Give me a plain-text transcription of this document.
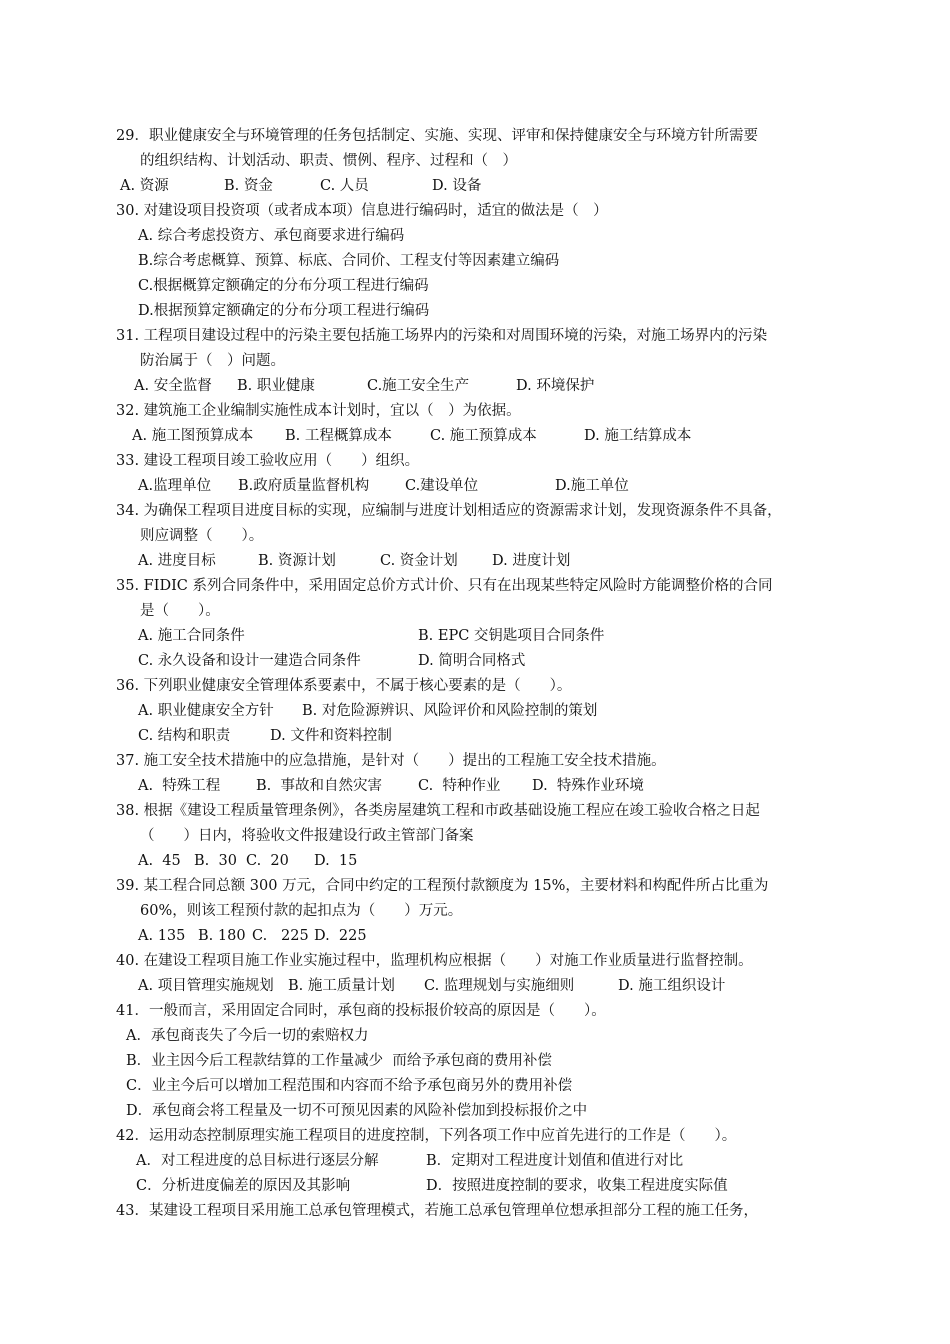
29．职业健康安全与环境管理的任务包括制定、实施、实现、评审和保持健康安全与环境方针所需要
的组织结构、计划活动、职责、惯例、程序、过程和（　）
A. 资源	B. 资金	C. 人员	D. 设备
30. 对建设项目投资项（或者成本项）信息进行编码时，适宜的做法是（　）
A. 综合考虑投资方、承包商要求进行编码
B.综合考虑概算、预算、标底、合同价、工程支付等因素建立编码
C.根据概算定额确定的分布分项工程进行编码
D.根据预算定额确定的分布分项工程进行编码
31. 工程项目建设过程中的污染主要包括施工场界内的污染和对周围环境的污染，对施工场界内的污染
防治属于（　）问题。
A. 安全监督 B. 职业健康	C.施工安全生产	D. 环境保护
32. 建筑施工企业编制实施性成本计划时，宜以（　）为依据。
A. 施工图预算成本 B. 工程概算成本	C. 施工预算成本	D. 施工结算成本
33. 建设工程项目竣工验收应用（　　）组织。
A.监理单位 B.政府质量监督机构 C.建设单位	D.施工单位
34. 为确保工程项目进度目标的实现，应编制与进度计划相适应的资源需求计划，发现资源条件不具备，
则应调整（　　）。
A. 进度目标	B. 资源计划	C. 资金计划 D. 进度计划
35. FIDIC 系列合同条件中，采用固定总价方式计价、只有在出现某些特定风险时方能调整价格的合同
是（　　）。
A. 施工合同条件	B. EPC 交钥匙项目合同条件
C. 永久设备和设计一建造合同条件	D. 简明合同格式
36. 下列职业健康安全管理体系要素中，不属于核心要素的是（　　）。
A. 职业健康安全方针 B. 对危险源辨识、风险评价和风险控制的策划
C. 结构和职责	D. 文件和资料控制
37. 施工安全技术措施中的应急措施，是针对（　　）提出的工程施工安全技术措施。
A.  特殊工程 B.  事故和自然灾害 C.  特种作业 D.  特殊作业环境
38. 根据《建设工程质量管理条例》，各类房屋建筑工程和市政基础设施工程应在竣工验收合格之日起
（　　）日内，将验收文件报建设行政主管部门备案
A.  45 B.  30 C.  20 D.  15
39. 某工程合同总额 300 万元，合同中约定的工程预付款额度为 15%，主要材料和构配件所占比重为
60%，则该工程预付款的起扣点为（　　）万元。
A. 135 B. 180 C.   225 D.  225
40. 在建设工程项目施工作业实施过程中，监理机构应根据（　　）对施工作业质量进行监督控制。
A. 项目管理实施规划 B. 施工质量计划 C. 监理规划与实施细则	D. 施工组织设计
41．一般而言，采用固定合同时，承包商的投标报价较高的原因是（　　）。
A．承包商丧失了今后一切的索赔权力
B．业主因今后工程款结算的工作量减少  而给予承包商的费用补偿
C．业主今后可以增加工程范围和内容而不给予承包商另外的费用补偿
D．承包商会将工程量及一切不可预见因素的风险补偿加到投标报价之中
42．运用动态控制原理实施工程项目的进度控制，下列各项工作中应首先进行的工作是（　　）。
A．对工程进度的总目标进行逐层分解	B．定期对工程进度计划值和值进行对比
C．分析进度偏差的原因及其影响	D．按照进度控制的要求，收集工程进度实际值
43．某建设工程项目采用施工总承包管理模式，若施工总承包管理单位想承担部分工程的施工任务，
